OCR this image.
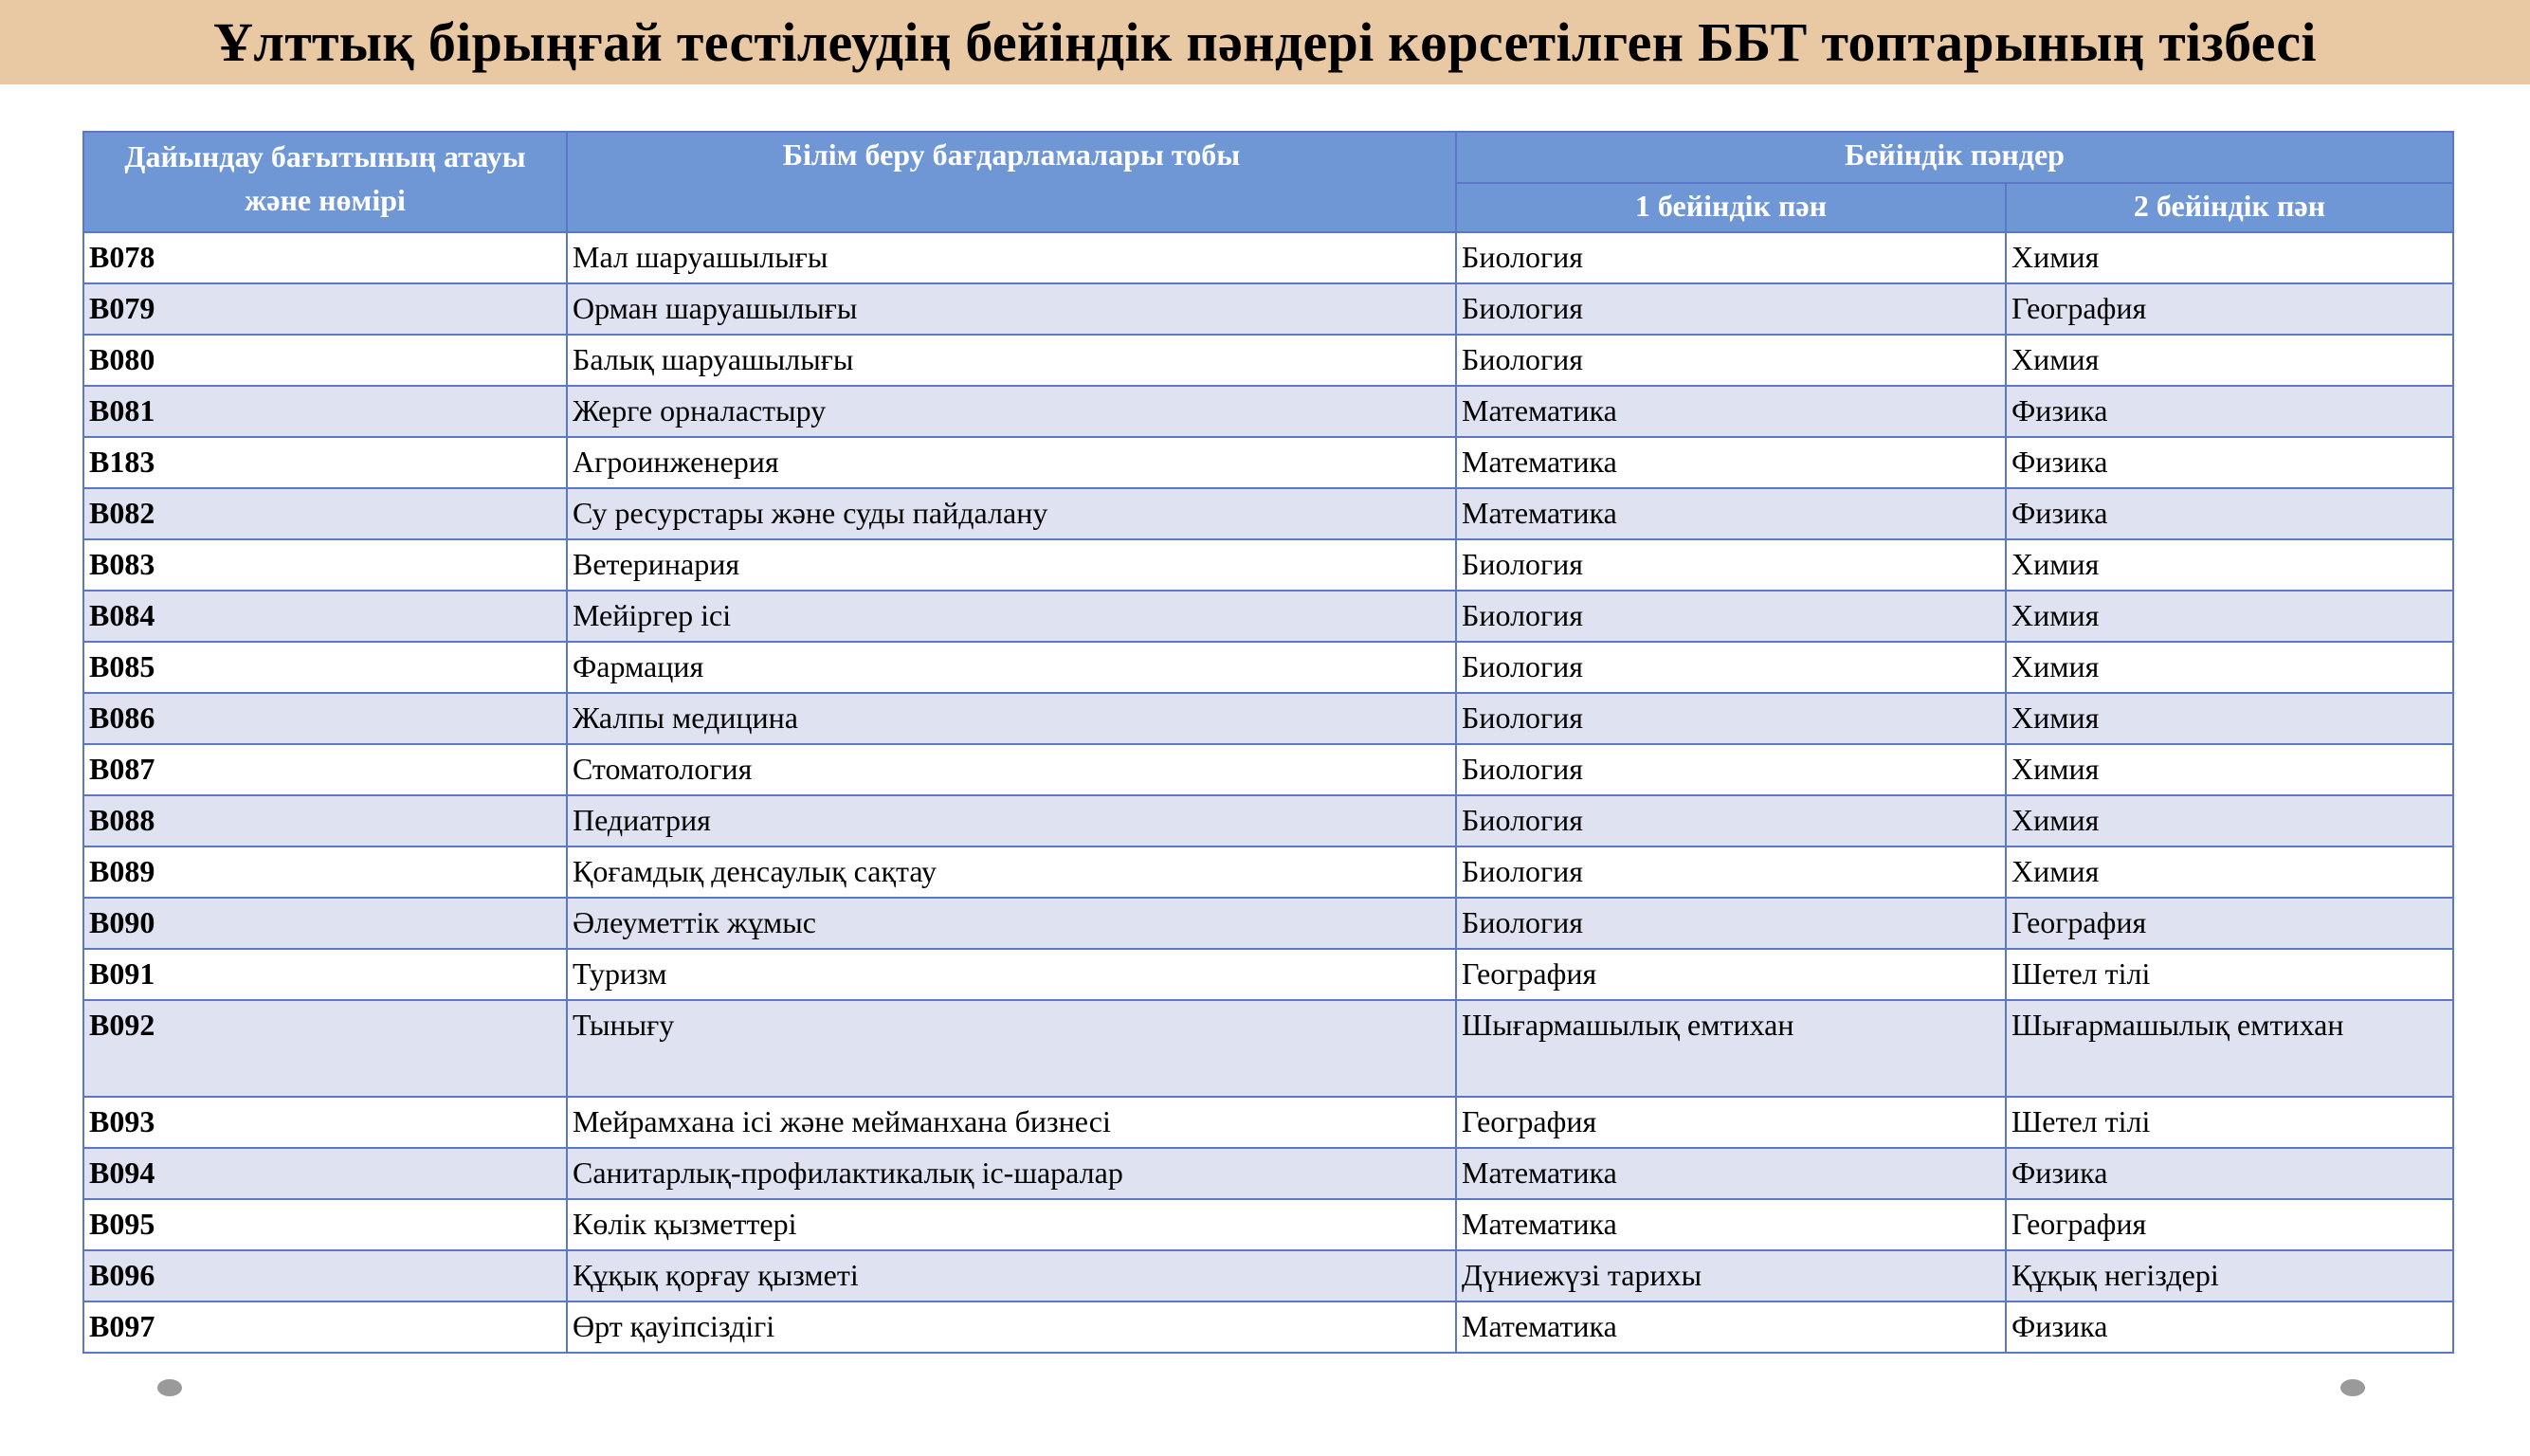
Ұлттық бірыңғай тестілеудің бейіндік пәндері көрсетілген ББТ топтарының тізбесі
Дайындау бағытының атауы және нөмірі	Білім беру бағдарламалары тобы	Бейіндік пәндер	
		1 бейіндік пән	2 бейіндік пән
B078	Мал шаруашылығы	Биология	Химия
B079	Орман шаруашылығы	Биология	География
B080	Балық шаруашылығы	Биология	Химия
B081	Жерге орналастыру	Математика	Физика
B183	Агроинженерия	Математика	Физика
B082	Су ресурстары және суды пайдалану	Математика	Физика
B083	Ветеринария	Биология	Химия
B084	Мейіргер ісі	Биология	Химия
B085	Фармация	Биология	Химия
B086	Жалпы медицина	Биология	Химия
B087	Стоматология	Биология	Химия
B088	Педиатрия	Биология	Химия
B089	Қоғамдық денсаулық сақтау	Биология	Химия
B090	Әлеуметтік жұмыс	Биология	География
B091	Туризм	География	Шетел тілі
B092	Тынығу	Шығармашылық емтихан	Шығармашылық емтихан
B093	Мейрамхана ісі және мейманхана бизнесі	География	Шетел тілі
B094	Санитарлық-профилактикалық іс-шаралар	Математика	Физика
B095	Көлік қызметтері	Математика	География
B096	Құқық қорғау қызметі	Дүниежүзі тарихы	Құқық негіздері
B097	Өрт қауіпсіздігі	Математика	Физика
